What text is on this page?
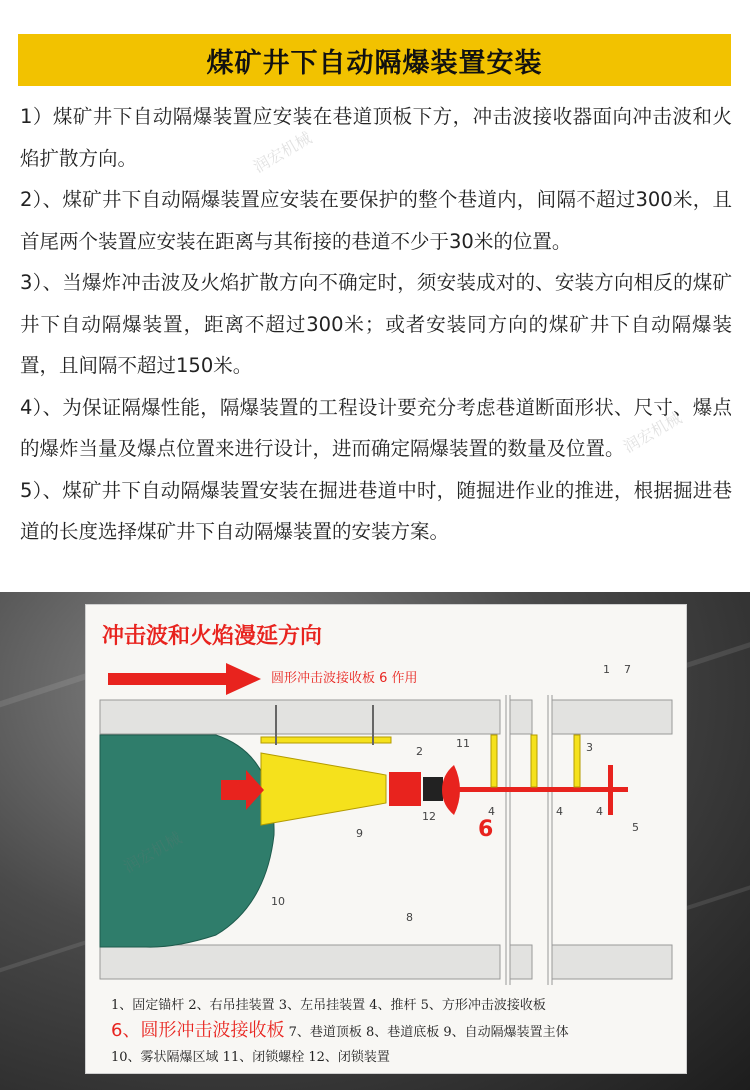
煤矿井下自动隔爆装置安装

1）煤矿井下自动隔爆装置应安装在巷道顶板下方，冲击波接收器面向冲击波和火焰扩散方向。

2）、煤矿井下自动隔爆装置应安装在要保护的整个巷道内，间隔不超过300米，且首尾两个装置应安装在距离与其衔接的巷道不少于30米的位置。

3）、当爆炸冲击波及火焰扩散方向不确定时，须安装成对的、安装方向相反的煤矿井下自动隔爆装置，距离不超过300米；或者安装同方向的煤矿井下自动隔爆装置，且间隔不超过150米。

4）、为保证隔爆性能，隔爆装置的工程设计要充分考虑巷道断面形状、尺寸、爆点的爆炸当量及爆点位置来进行设计，进而确定隔爆装置的数量及位置。

5）、煤矿井下自动隔爆装置安装在掘进巷道中时，随掘进作业的推进，根据掘进巷道的长度选择煤矿井下自动隔爆装置的安装方案。

冲击波和火焰漫延方向
圆形冲击波接收板 6 作用
1 7
2
11	3
4	4	4
12
6	5
9
10
8
1、固定锚杆 2、右吊挂装置 3、左吊挂装置 4、推杆 5、方形冲击波接收板
6、圆形冲击波接收板 7、巷道顶板 8、巷道底板 9、自动隔爆装置主体
10、雾状隔爆区域 11、闭锁螺栓 12、闭锁装置
润宏机械
润宏机械
润宏机械
